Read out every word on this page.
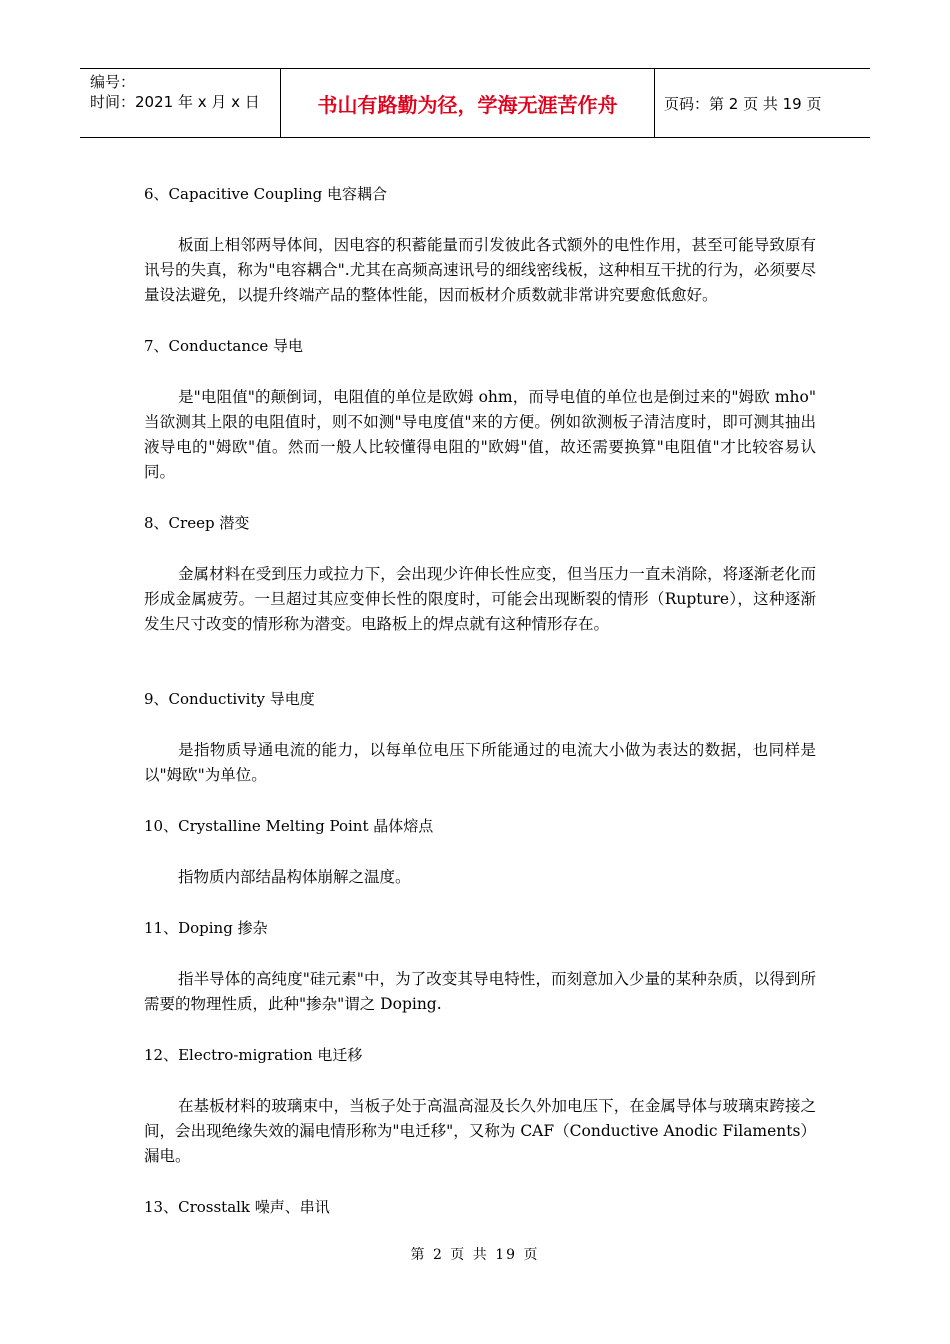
编号：
时间：2021 年 x 月 x 日	书山有路勤为径，学海无涯苦作舟	页码：第 2 页 共 19 页

6、Capacitive Coupling 电容耦合

板面上相邻两导体间，因电容的积蓄能量而引发彼此各式额外的电性作用，甚至可能导致原有讯号的失真，称为"电容耦合".尤其在高频高速讯号的细线密线板，这种相互干扰的行为，必须要尽量设法避免，以提升终端产品的整体性能，因而板材介质数就非常讲究要愈低愈好。

7、Conductance 导电

是"电阻值"的颠倒词，电阻值的单位是欧姆 ohm，而导电值的单位也是倒过来的"姆欧 mho" 当欲测其上限的电阻值时，则不如测"导电度值"来的方便。例如欲测板子清洁度时，即可测其抽出液导电的"姆欧"值。然而一般人比较懂得电阻的"欧姆"值，故还需要换算"电阻值"才比较容易认同。

8、Creep 潜变

金属材料在受到压力或拉力下，会出现少许伸长性应变，但当压力一直未消除，将逐渐老化而形成金属疲劳。一旦超过其应变伸长性的限度时，可能会出现断裂的情形（Rupture），这种逐渐发生尺寸改变的情形称为潜变。电路板上的焊点就有这种情形存在。

9、Conductivity 导电度

是指物质导通电流的能力，以每单位电压下所能通过的电流大小做为表达的数据，也同样是以"姆欧"为单位。

10、Crystalline Melting Point 晶体熔点

指物质内部结晶构体崩解之温度。

11、Doping 掺杂

指半导体的高纯度"硅元素"中，为了改变其导电特性，而刻意加入少量的某种杂质，以得到所需要的物理性质，此种"掺杂"谓之 Doping.

12、Electro-migration 电迁移

在基板材料的玻璃束中，当板子处于高温高湿及长久外加电压下，在金属导体与玻璃束跨接之间，会出现绝缘失效的漏电情形称为"电迁移"，又称为 CAF（Conductive Anodic Filaments）漏电。

13、Crosstalk 噪声、串讯

第 2 页 共 19 页
